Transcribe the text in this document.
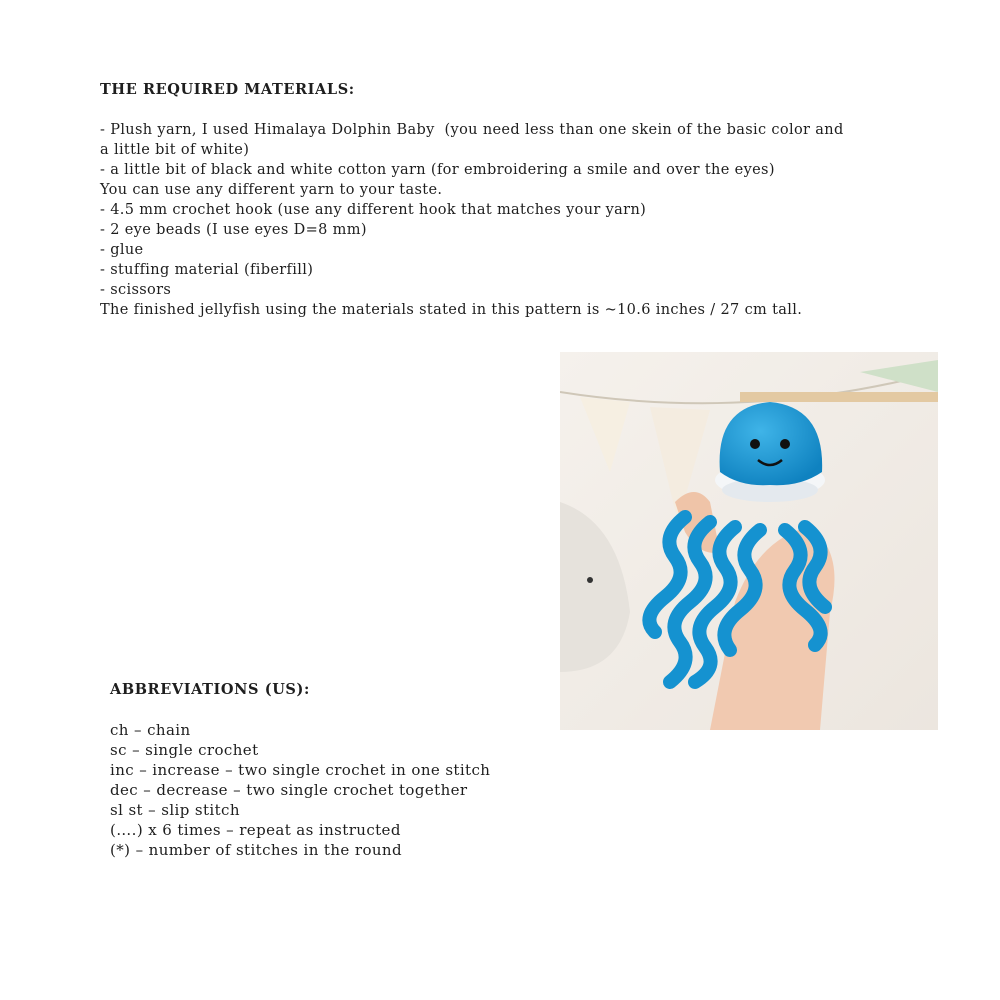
THE REQUIRED MATERIALS:
- Plush yarn, I used Himalaya Dolphin Baby  (you need less than one skein of the basic color and
a little bit of white)
- a little bit of black and white cotton yarn (for embroidering a smile and over the eyes)
You can use any different yarn to your taste.
- 4.5 mm crochet hook (use any different hook that matches your yarn)
- 2 eye beads (I use eyes D=8 mm)
- glue
- stuffing material (fiberfill)
- scissors
The finished jellyfish using the materials stated in this pattern is ~10.6 inches / 27 cm tall.
ABBREVIATIONS (US):
ch – chain
sc – single crochet
inc – increase – two single crochet in one stitch
dec – decrease – two single crochet together
sl st – slip stitch
(….) x 6 times – repeat as instructed
(*) – number of stitches in the round
